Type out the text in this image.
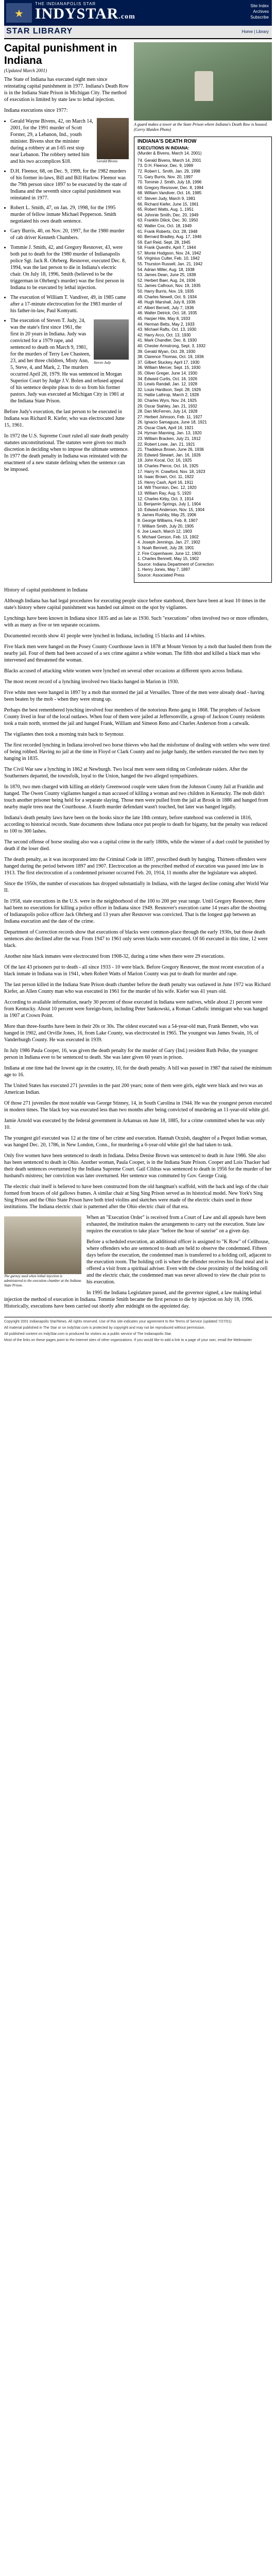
★
THE INDIANAPOLIS STAR
INDYSTAR.com
Site Index
Archives
Subscribe
STAR LIBRARY	Home | Library
Capital punishment in Indiana
(Updated March 2001)

The State of Indiana has executed eight men since reinstating capital punishment in 1977. Indiana's Death Row is in the Indiana State Prison in Michigan City. The method of execution is limited by state law to lethal injection.

Indiana executions since 1977:

Gerald Bivens
• Gerald Wayne Bivens, 42, on March 14, 2001, for the 1991 murder of Scott Forster, 29, a Lebanon, Ind., youth minister. Bivens shot the minister during a robbery at an I-65 rest stop near Lebanon. The robbery netted him and his two accomplices $18.
• D.H. Fleenor, 68, on Dec. 9, 1999, for the 1982 murders of his former in-laws, Bill and Bill Harlow. Fleenor was the 79th person since 1897 to be executed by the state of Indiana and the seventh since capital punishment was reinstated in 1977.
• Robert L. Smith, 47, on Jan. 29, 1998, for the 1995 murder of fellow inmate Michael Pepperson. Smith negotiated his own death sentence.
• Gary Burris, 40, on Nov. 20, 1997, for the 1980 murder of cab driver Kenneth Chambers.
• Tommie J. Smith, 42, and Gregory Resnover, 43, were both put to death for the 1980 murder of Indianapolis police Sgt. Jack R. Ohrberg. Resnover, executed Dec. 8, 1994, was the last person to die in Indiana's electric chair. On July 18, 1996, Smith (believed to be the triggerman in Ohrberg's murder) was the first person in Indiana to be executed by lethal injection.
• The execution of William T. Vandiver, 49, in 1985 came after a 17-minute electrocution for the 1983 murder of his father-in-law, Paul Komyatti.
• Steven Judy
The execution of Steven T. Judy, 24, was the state's first since 1961, the first in 20 years in Indiana. Judy was convicted for a 1979 rape, and sentenced to death on March 9, 1981, for the murders of Terry Lee Chasteen, 23, and her three children, Misty Ann, 5, Steve, 4, and Mark, 2. The murders occurred April 28, 1979. He was sentenced in Morgan Superior Court by Judge J.V. Bolen and refused appeal of his sentence despite pleas to do so from his former pastors. Judy was executed at Michigan City in 1981 at the Indiana State Prison.

Before Judy's execution, the last person to be executed in Indiana was Richard R. Kiefer, who was electrocuted June 15, 1961.

In 1972 the U.S. Supreme Court ruled all state death penalty statutes unconstitutional. The statutes were given too much discretion in deciding when to impose the ultimate sentence. In 1977 the death penalty in Indiana was reinstated with the enactment of a new statute defining when the sentence can be imposed.

A guard makes a tower at the State Prison where Indiana's Death Row is housed. (Gerry Maiden Photo)
INDIANA'S DEATH ROW
EXECUTIONS IN INDIANA:
(Murder & Bivens, March 14, 2001)
74. Gerald Bivens, March 14, 2001
73. D.H. Fleenor, Dec. 9, 1999
72. Robert L. Smith, Jan. 29, 1998
71. Gary Burris, Nov. 20, 1997
70. Tommie J. Smith, July 18, 1996
69. Gregory Resnover, Dec. 8, 1994
68. William Vandiver, Oct. 16, 1985
67. Steven Judy, March 9, 1981
66. Richard Kiefer, June 15, 1961
65. Robert Watts, Aug. 1, 1951
64. Johnnie Smith, Dec. 20, 1949
63. Franklin Dilick, Dec. 30, 1950
62. Walter Cox, Oct. 18, 1949
61. Frank Roberts, Oct. 28, 1948
60. Bernard Bradley, Aug. 17, 1946
59. Earl Reid, Sept. 28, 1945
58. Frank Quenthr, April 7, 1944
57. Monte Hodgson, Nov. 24, 1942
56. Virginius Culter, Feb. 10, 1942
55. Thurston Russell, Jan. 21, 1942
54. Adrian Miller, Aug. 18, 1938
53. James Dean, June 25, 1938
52. Herbert Baer, Aug. 24, 1936
51. James Calhoun, Nov. 19, 1935
50. Harry Burris, Nov. 19, 1935
49. Charles Newell, Oct. 9, 1934
48. Hugh Marshall, July 8, 1936
47. Albert Bernett, July 7, 1936
46. Walter Detrick, Oct. 18, 1935
45. Harper Hile, May 8, 1933
44. Herman Betts, May 2, 1933
43. Michael Rafts, Oct. 13, 1930
42. Harry Arco, Oct. 13, 1930
41. Mark Chandler, Dec. 8, 1930
40. Chester Armstrong, Sept. 3, 1932
39. Gerald Wyan, Oct. 28, 1930
38. Clarence Thomas, Oct. 19, 1936
37. Gilbert Stuckey, April 17, 1930
36. William Mercer, Sept. 15, 1930
35. Oliver Greger, June 14, 1930
34. Edward Curtis, Oct. 16, 1926
33. Lewis Randall, Jan. 12, 1928
32. Louis Hardison, Sept. 28, 1926
31. Hattie Lathrop, March 2, 1928
30. Charles Wyrs, Nov. 24, 1925
29. Oscar Stahley, Jan. 21, 1932
28. Dan McFerren, July 14, 1928
27. Herbert Johnson, Feb. 11, 1927
26. Ignacio Samaguza, June 18, 1921
25. Oscar Clark, April 16, 1921
24. Hyman Manning, Jan. 13, 1920
23. William Bracken, July 21, 1912
22. Robert Lowe, Jan. 21, 1921
21. Thaddeus Brown, June 26, 1936
20. Edward Stewart, Jan. 16, 1926
19. John Kocal, Oct. 16, 1925
18. Charles Pierce, Oct. 16, 1925
17. Harry H. Crawford, Nov. 18, 1923
16. Isaac Brown, Oct. 11, 1922
15. Henry Cash, April 16, 1911
14. Will Thornton, Dec. 12, 1920
13. William Ray, Aug. 5, 1920
12. Charles Kirby, Oct. 3, 1914
11. Benjamin Springs, July 1, 1904
10. Edward Anderson, Nov. 15, 1904
9. James Rushby, May 25, 1906
8. George Williams, Feb. 8, 1907
7. William Smith, July 20, 1905
6. Joe Leach, March 12, 1903
5. Michael Gerson, Feb. 13, 1902
4. Joseph Jennings, Jan. 27, 1902
3. Noah Bennett, July 28, 1901
2. Fire Copenhaver, June 12, 1903
1. Charles Bennett, May 15, 1902
Source: Indiana Department of Correction
1. Henry Jones, May 7, 1897
Source: Associated Press

History of capital punishment in Indiana

Although Indiana has had legal procedures for executing people since before statehood, there have been at least 10 times in the state's history where capital punishment was handed out almost on the spot by vigilantes.

Lynchings have been known in Indiana since 1835 and as late as 1930. Such "executions" often involved two or more offenders, with as many as five or ten separate occasions.

Documented records show 41 people were lynched in Indiana, including 15 blacks and 14 whites.

Five black men were hanged on the Posey County Courthouse lawn in 1878 at Mount Vernon by a mob that hauled them from the nearby jail. Four of them had been accused of a sex crime against a white woman. The fifth shot and killed a black man who intervened and threatened the woman.

Blacks accused of attacking white women were lynched on several other occasions at different spots across Indiana.

The most recent record of a lynching involved two blacks hanged in Marion in 1930.

Five white men were hanged in 1897 by a mob that stormed the jail at Versailles. Three of the men were already dead - having been beaten by the mob - when they were strung up.

Perhaps the best remembered lynching involved four members of the notorious Reno gang in 1868. The prophets of Jackson County lived in fear of the local outlaws. When four of them were jailed at Jeffersonville, a group of Jackson County residents took a train north, stormed the jail and hanged Frank, William and Simeon Reno and Charles Anderson from a catwalk.

The vigilantes then took a morning train back to Seymour.

The first recorded lynching in Indiana involved two horse thieves who had the misfortune of dealing with settlers who were tired of being robbed. Having no jail at the time in Floyd or Clark County and no judge handy, the settlers executed the two men by hanging in 1835.

The Civil War saw a lynching in 1862 at Newburgh. Two local men were seen riding on Confederate raiders. After the Southerners departed, the townsfolk, loyal to the Union, hanged the two alleged sympathizers.

In 1870, two men charged with killing an elderly Greenwood couple were taken from the Johnson County Jail at Franklin and hanged. The Owen County vigilantes hanged a man accused of killing a woman and two children in Kentucky. The mob didn't touch another prisoner being held for a separate slaying. Those men were pulled from the jail at Brook in 1886 and hanged from nearby maple trees near the Courthouse. A fourth murder defendant wasn't touched, but later was hanged legally.

Indiana's death penalty laws have been on the books since the late 18th century, before statehood was conferred in 1816, according to historical records. State documents show Indiana once put people to death for bigamy, but the penalty was reduced to 100 to 300 lashes.

The second offense of horse stealing also was a capital crime in the early 1800s, while the winner of a duel could be punished by death if the loser died.

The death penalty, as it was incorporated into the Criminal Code in 1897, prescribed death by hanging. Thirteen offenders were hanged during the period between 1897 and 1907. Electrocution as the prescribed method of execution was passed into law in 1913. The first electrocution of a condemned prisoner occurred Feb. 20, 1914, 11 months after the legislature was adopted.

Since the 1950s, the number of executions has dropped substantially in Indiana, with the largest decline coming after World War II.

In 1958, state executions in the U.S. were in the neighborhood of the 100 to 200 per year range. Until Gregory Resnover, there had been no executions for killing a police officer in Indiana since 1949. Resnover's execution came 14 years after the shooting of Indianapolis police officer Jack Ohrberg and 13 years after Resnover was convicted. That is the longest gap between an Indiana execution and the date of the crime.

Department of Correction records show that executions of blacks were common-place through the early 1930s, but those death sentences also declined after the war. From 1947 to 1961 only seven blacks were executed. Of 66 executed in this time, 12 were black.

Another nine black inmates were electrocuted from 1908-32, during a time when there were 29 executions.

Of the last 43 prisoners put to death - all since 1933 - 10 were black. Before Gregory Resnover, the most recent execution of a black inmate in Indiana was in 1941, when Robert Watts of Marion County was put to death for murder and rape.

The last person killed in the Indiana State Prison death chamber before the death penalty was outlawed in June 1972 was Richard Kiefer, an Allen County man who was executed in 1961 for the murder of his wife. Kiefer was 41 years old.

According to available information, nearly 30 percent of those executed in Indiana were natives, while about 21 percent were from Kentucky. About 10 percent were foreign-born, including Peter Sankowski, a Roman Catholic immigrant who was hanged in 1907 at Crown Point.

More than three-fourths have been in their 20s or 30s. The oldest executed was a 54-year-old man, Frank Bennett, who was hanged in 1902, and Orville Jones, 16, from Lake County, was electrocuted in 1965. The youngest was James Swain, 16, of Vanderburgh County. He was executed in 1939.

In July 1986 Paula Cooper, 16, was given the death penalty for the murder of Gary (Ind.) resident Ruth Pelke, the youngest person in Indiana ever to be sentenced to death. She was later given 60 years in prison.

Indiana at one time had the lowest age in the country, 10, for the death penalty. A bill was passed in 1987 that raised the minimum age to 16.

The United States has executed 271 juveniles in the past 200 years; none of them were girls, eight were black and two was an American Indian.

Of those 271 juveniles the most notable was George Stinney, 14, in South Carolina in 1944. He was the youngest person executed in modern times. The black boy was executed less than two months after being convicted of murdering an 11-year-old white girl.

Jamie Arnold was executed by the federal government in Arkansas on June 18, 1885, for a crime committed when he was only 10.

The youngest girl executed was 12 at the time of her crime and execution. Hannah Ocuish, daughter of a Pequot Indian woman, was hanged Dec. 20, 1786, in New London, Conn., for murdering a 6-year-old white girl she had taken to task.

Only five women have been sentenced to death in Indiana. Debra Denise Brown was sentenced to death in June 1986. She also has been sentenced to death in Ohio. Another woman, Paula Cooper, is in the Indiana State Prison. Cooper and Lois Thacker had their death sentences overturned by the Indiana Supreme Court. Gail Cildras was sentenced to death in 1956 for the murder of her husband's mistress; her conviction was later overturned. Her sentence was commuted by Gov. George Craig.

The electric chair itself is believed to have been constructed from the old hangman's scaffold, with the back and legs of the chair formed from braces of old gallows frames. A similar chair at Sing Sing Prison served as its historical model. New York's Sing Sing Prison and the Ohio State Prison have both tried violins and sketches were made of the electric chairs used in those institutions. The Indiana electric chair is patterned after the Ohio electric chair of that era.

The gurney used when lethal injection is administered to the execution chamber at the Indiana State Prison.

When an "Execution Order" is received from a Court of Law and all appeals have been exhausted, the institution makes the arrangements to carry out the execution. State law requires the execution to take place "before the hour of sunrise" on a given day.

Before a scheduled execution, an additional officer is assigned to "K Row" of Cellhouse, where offenders who are sentenced to death are held to observe the condemned. Fifteen days before the execution, the condemned man is transferred to a holding cell, adjacent to the execution room. The holding cell is where the offender receives his final meal and is offered a visit from a spiritual adviser. Even with the close proximity of the holding cell and the electric chair, the condemned man was never allowed to view the chair prior to his execution.

In 1995 the Indiana Legislature passed, and the governor signed, a law making lethal injection the method of execution in Indiana. Tommie Smith became the first person to die by injection on July 18, 1996. Historically, executions have been carried out shortly after midnight on the appointed day.

Copyright 2001 Indianapolis Star/News. All rights reserved. Use of this site indicates your agreement to the Terms of Service (updated 7/27/01).

All material published in The Star or on IndyStar.com is protected by copyright and may not be reproduced without permission.

All published content on IndyStar.com is produced for visitors as a public service of The Indianapolis Star.

Most of the links on these pages point to the Internet sites of other organizations. If you would like to add a link to a page of your own, email the Webmaster.
